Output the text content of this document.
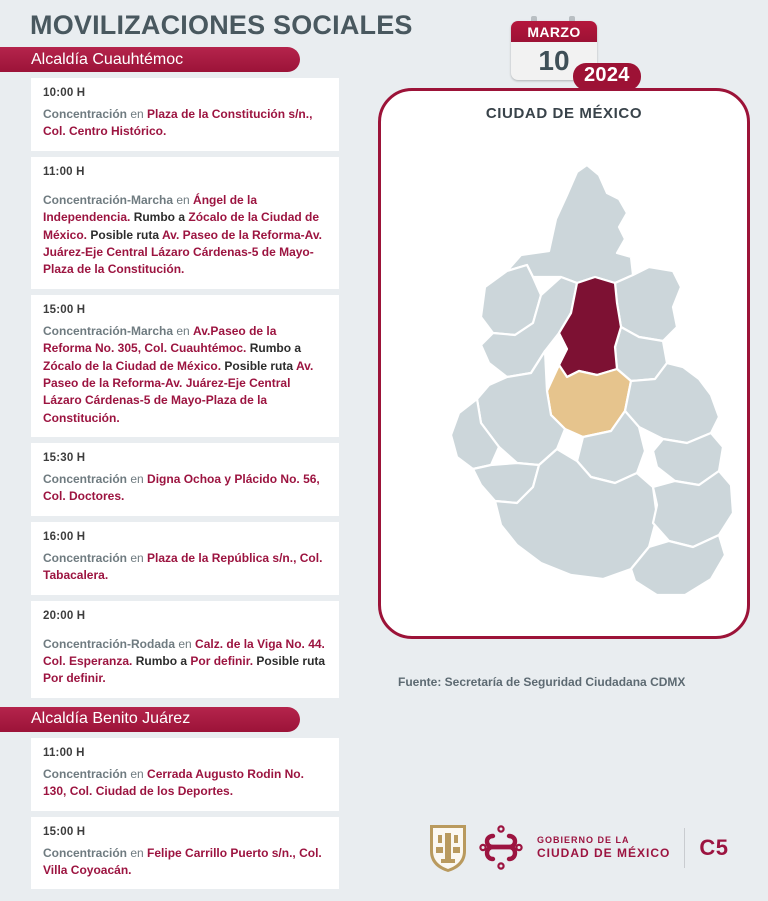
MOVILIZACIONES SOCIALES	MARZO
10 2024
Alcaldía Cuauhtémoc
10:00 H
Concentración en Plaza de la Constitución s/n., Col. Centro Histórico.
11:00 H
Concentración-Marcha en Ángel de la Independencia. Rumbo a Zócalo de la Ciudad de México. Posible ruta Av. Paseo de la Reforma-Av. Juárez-Eje Central Lázaro Cárdenas-5 de Mayo-Plaza de la Constitución.
15:00 H
Concentración-Marcha en Av.Paseo de la Reforma No. 305, Col. Cuauhtémoc. Rumbo a Zócalo de la Ciudad de México. Posible ruta Av. Paseo de la Reforma-Av. Juárez-Eje Central Lázaro Cárdenas-5 de Mayo-Plaza de la Constitución.
15:30 H
Concentración en Digna Ochoa y Plácido No. 56, Col. Doctores.
16:00 H
Concentración en Plaza de la República s/n., Col. Tabacalera.
20:00 H
Concentración-Rodada en Calz. de la Viga No. 44. Col. Esperanza. Rumbo a Por definir. Posible ruta Por definir.
Alcaldía Benito Juárez
11:00 H
Concentración en Cerrada Augusto Rodin No. 130, Col. Ciudad de los Deportes.
15:00 H
Concentración en Felipe Carrillo Puerto s/n., Col. Villa Coyoacán.
CIUDAD DE MÉXICO
Fuente: Secretaría de Seguridad Ciudadana CDMX
GOBIERNO DE LA
CIUDAD DE MÉXICO C5
